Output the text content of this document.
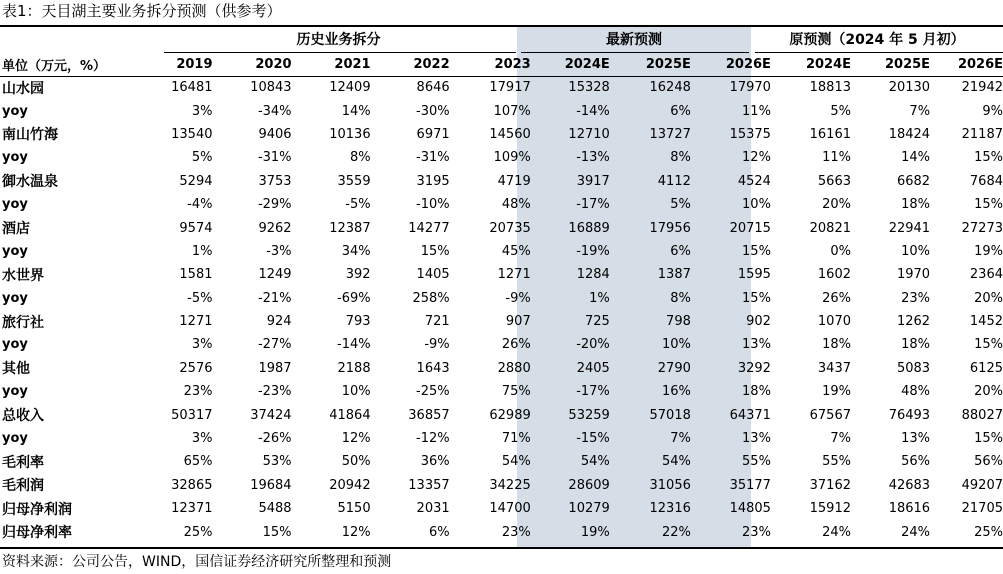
表1：天目湖主要业务拆分预测（供参考）
历史业务拆分	最新预测	原预测（2024 年 5 月初）
单位（万元，%）	2019	2020	2021	2022	2023	2024E	2025E	2026E	2024E	2025E	2026E
山水园	16481	10843	12409	8646	17917	15328	16248	17970	18813	20130	21942
yoy	3%	-34%	14%	-30%	107%	-14%	6%	11%	5%	7%	9%
南山竹海	13540	9406	10136	6971	14560	12710	13727	15375	16161	18424	21187
yoy	5%	-31%	8%	-31%	109%	-13%	8%	12%	11%	14%	15%
御水温泉	5294	3753	3559	3195	4719	3917	4112	4524	5663	6682	7684
yoy	-4%	-29%	-5%	-10%	48%	-17%	5%	10%	20%	18%	15%
酒店	9574	9262	12387	14277	20735	16889	17956	20715	20821	22941	27273
yoy	1%	-3%	34%	15%	45%	-19%	6%	15%	0%	10%	19%
水世界	1581	1249	392	1405	1271	1284	1387	1595	1602	1970	2364
yoy	-5%	-21%	-69%	258%	-9%	1%	8%	15%	26%	23%	20%
旅行社	1271	924	793	721	907	725	798	902	1070	1262	1452
yoy	3%	-27%	-14%	-9%	26%	-20%	10%	13%	18%	18%	15%
其他	2576	1987	2188	1643	2880	2405	2790	3292	3437	5083	6125
yoy	23%	-23%	10%	-25%	75%	-17%	16%	18%	19%	48%	20%
总收入	50317	37424	41864	36857	62989	53259	57018	64371	67567	76493	88027
yoy	3%	-26%	12%	-12%	71%	-15%	7%	13%	7%	13%	15%
毛利率	65%	53%	50%	36%	54%	54%	54%	55%	55%	56%	56%
毛利润	32865	19684	20942	13357	34225	28609	31056	35177	37162	42683	49207
归母净利润	12371	5488	5150	2031	14700	10279	12316	14805	15912	18616	21705
归母净利率	25%	15%	12%	6%	23%	19%	22%	23%	24%	24%	25%
资料来源：公司公告，WIND，国信证券经济研究所整理和预测
